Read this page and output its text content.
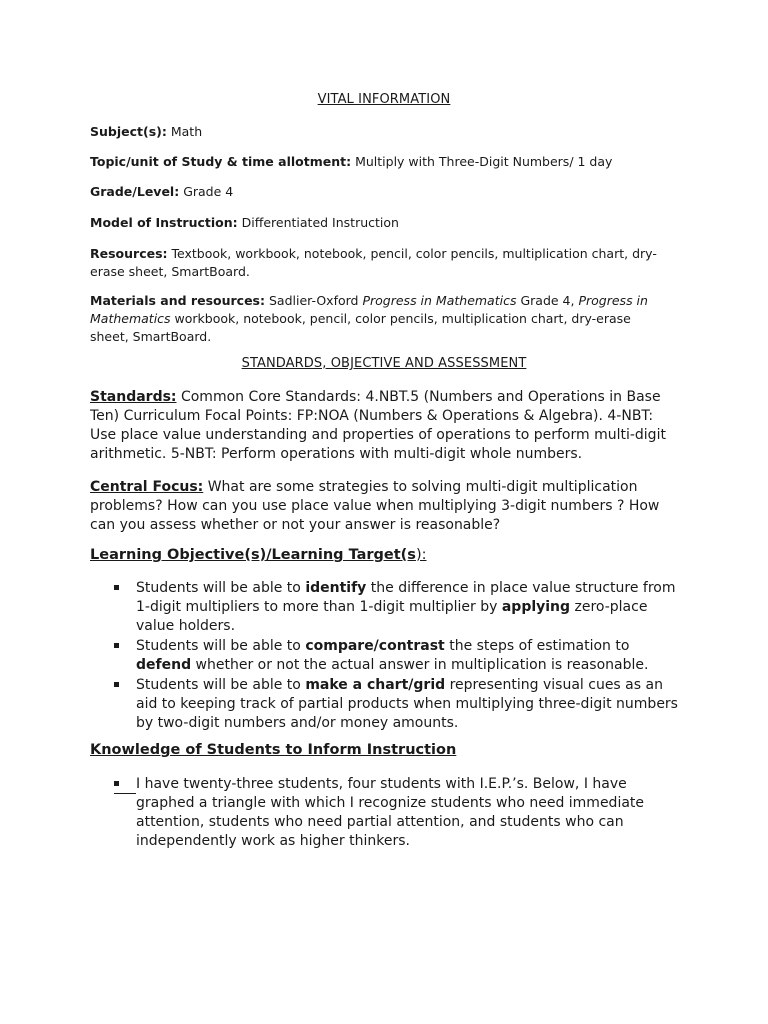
VITAL INFORMATION
Subject(s): Math
Topic/unit of Study & time allotment: Multiply with Three-Digit Numbers/ 1 day
Grade/Level: Grade 4
Model of Instruction: Differentiated Instruction
Resources: Textbook, workbook, notebook, pencil, color pencils, multiplication chart, dry-erase sheet, SmartBoard.
Materials and resources: Sadlier-Oxford Progress in Mathematics Grade 4, Progress in Mathematics workbook, notebook, pencil, color pencils, multiplication chart, dry-erase sheet, SmartBoard.
STANDARDS, OBJECTIVE AND ASSESSMENT
Standards: Common Core Standards: 4.NBT.5 (Numbers and Operations in Base Ten) Curriculum Focal Points: FP:NOA (Numbers & Operations & Algebra). 4-NBT: Use place value understanding and properties of operations to perform multi-digit arithmetic. 5-NBT: Perform operations with multi-digit whole numbers.
Central Focus: What are some strategies to solving multi-digit multiplication problems? How can you use place value when multiplying 3-digit numbers ? How can you assess whether or not your answer is reasonable?
Learning Objective(s)/Learning Target(s):
Students will be able to identify the difference in place value structure from 1-digit multipliers to more than 1-digit multiplier by applying zero-place value holders.
Students will be able to compare/contrast the steps of estimation to defend whether or not the actual answer in multiplication is reasonable.
Students will be able to make a chart/grid representing visual cues as an aid to keeping track of partial products when multiplying three-digit numbers by two-digit numbers and/or money amounts.
Knowledge of Students to Inform Instruction
I have twenty-three students, four students with I.E.P.’s. Below, I have graphed a triangle with which I recognize students who need immediate attention, students who need partial attention, and students who can independently work as higher thinkers.
